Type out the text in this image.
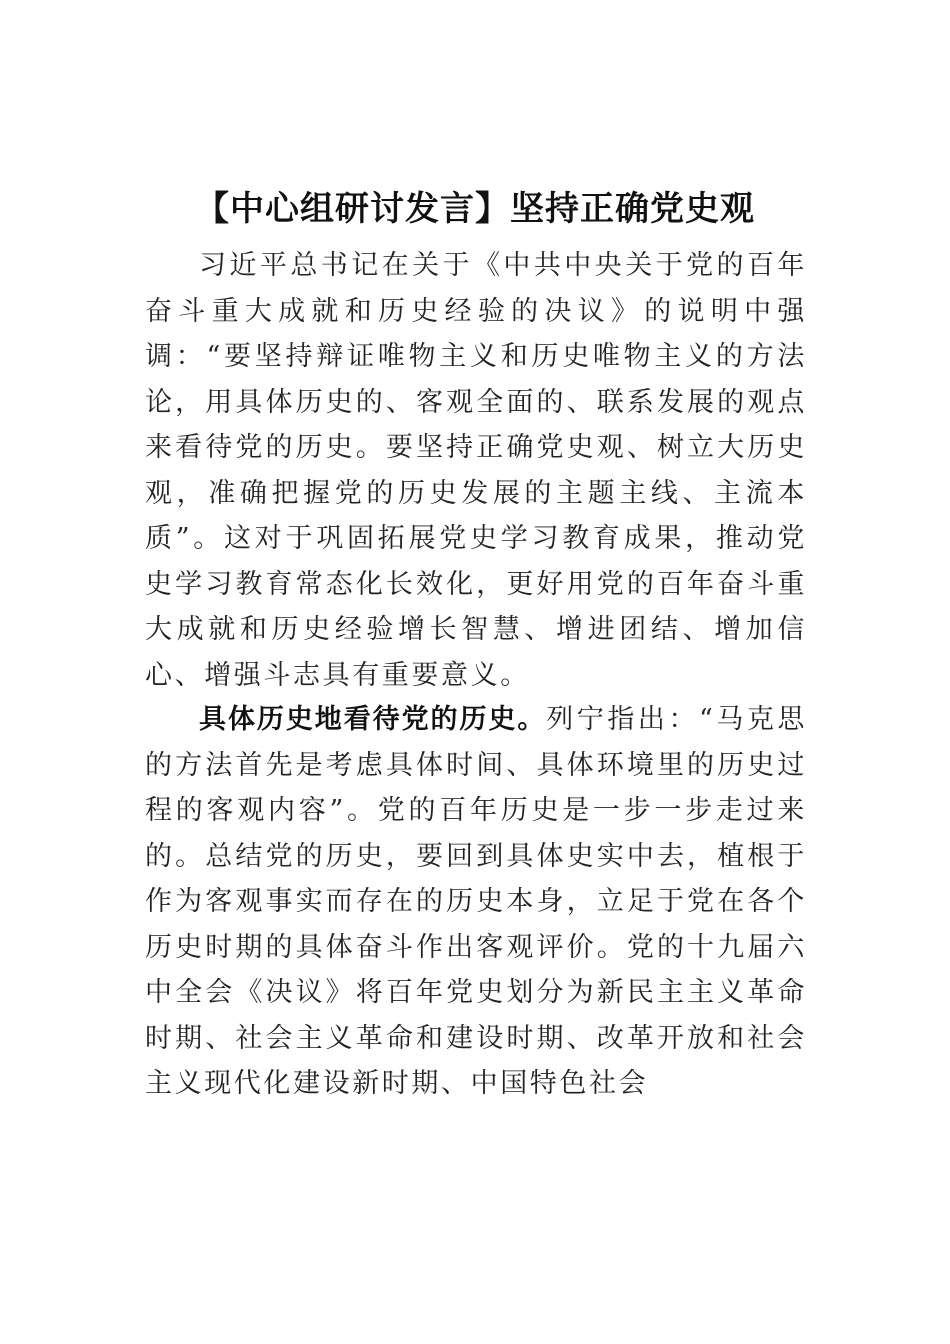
【中心组研讨发言】坚持正确党史观

习近平总书记在关于《中共中央关于党的百年奋斗重大成就和历史经验的决议》的说明中强调：“要坚持辩证唯物主义和历史唯物主义的方法论，用具体历史的、客观全面的、联系发展的观点来看待党的历史。要坚持正确党史观、树立大历史观，准确把握党的历史发展的主题主线、主流本质”。这对于巩固拓展党史学习教育成果，推动党史学习教育常态化长效化，更好用党的百年奋斗重大成就和历史经验增长智慧、增进团结、增加信心、增强斗志具有重要意义。

具体历史地看待党的历史。列宁指出：“马克思的方法首先是考虑具体时间、具体环境里的历史过程的客观内容”。党的百年历史是一步一步走过来的。总结党的历史，要回到具体史实中去，植根于作为客观事实而存在的历史本身，立足于党在各个历史时期的具体奋斗作出客观评价。党的十九届六中全会《决议》将百年党史划分为新民主主义革命时期、社会主义革命和建设时期、改革开放和社会主义现代化建设新时期、中国特色社会
